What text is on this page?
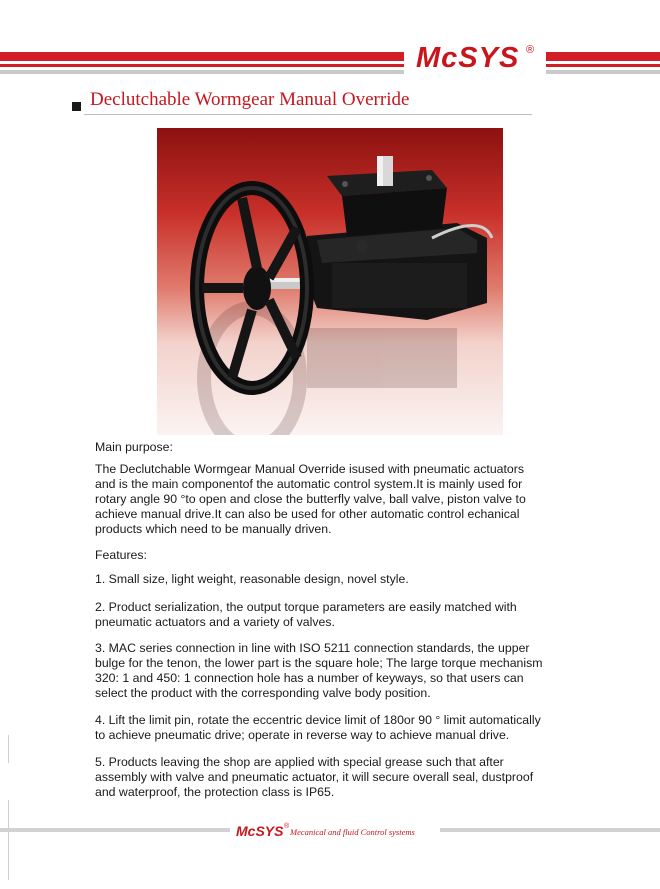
McSYS ®
Declutchable Wormgear Manual Override

Main purpose:

The Declutchable Wormgear Manual Override isused with pneumatic actuators

and is the main componentof the automatic control system.It is mainly used for

rotary angle 90 °to open and close the butterfly valve, ball valve, piston valve to

achieve manual drive.It can also be used for other automatic control echanical

products which need to be manually driven.

Features:

1. Small size, light weight, reasonable design, novel style.

2. Product serialization, the output torque parameters are easily matched with

pneumatic actuators and a variety of valves.

3. MAC series connection in line with ISO 5211 connection standards, the upper

bulge for the tenon, the lower part is the square hole; The large torque mechanism

320: 1 and 450: 1 connection hole has a number of keyways, so that users can

select the product with the corresponding valve body position.

4. Lift the limit pin, rotate the eccentric device limit of 180or 90 ° limit automatically

to achieve pneumatic drive; operate in reverse way to achieve manual drive.

5. Products leaving the shop are applied with special grease such that after

assembly with valve and pneumatic actuator, it will secure overall seal, dustproof

and waterproof, the protection class is IP65.

McSYS ®
Mecanical and fluid Control systems
